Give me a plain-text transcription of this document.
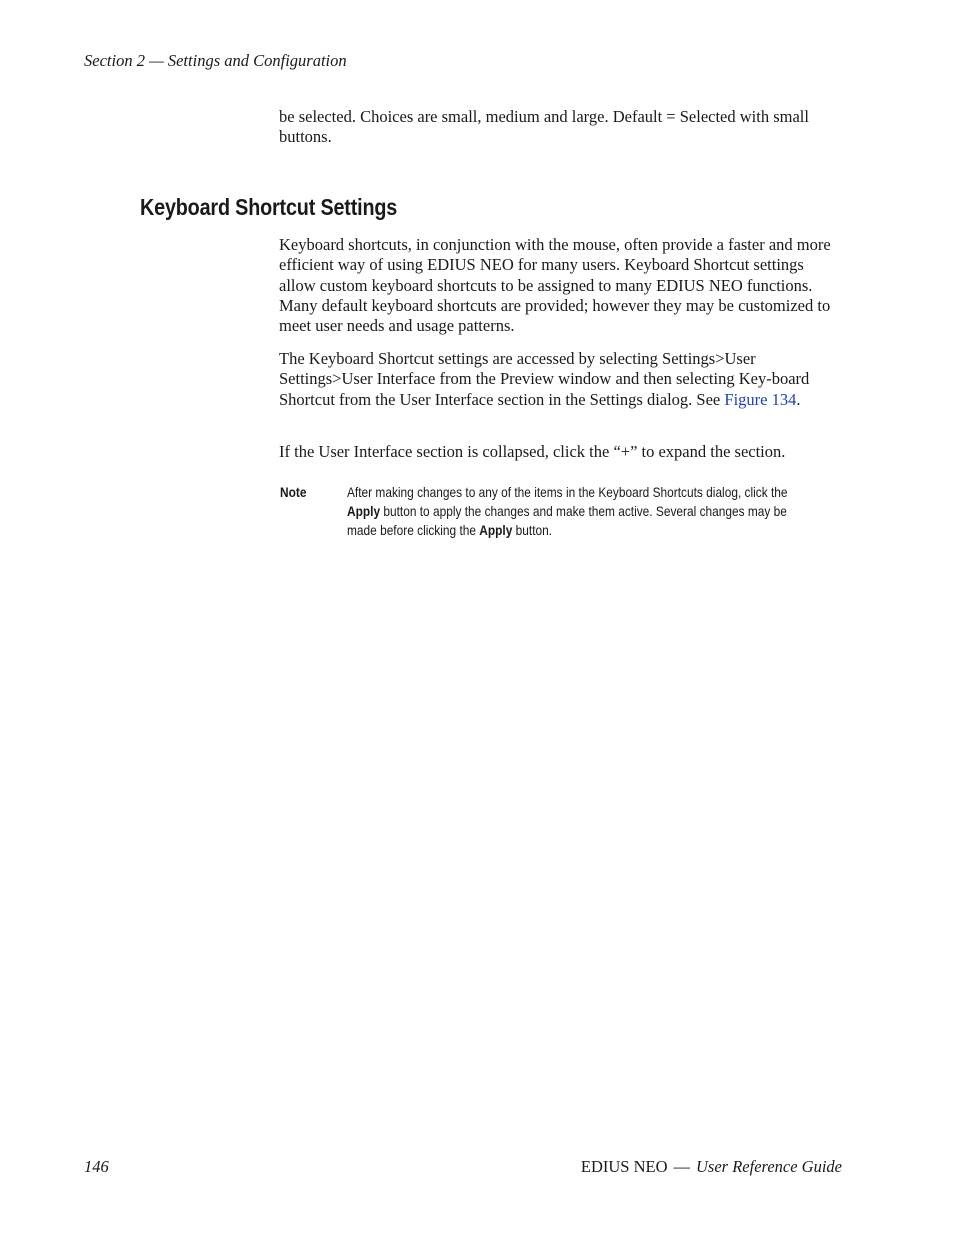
Section 2 — Settings and Configuration

be selected. Choices are small, medium and large. Default = Selected with small buttons.

Keyboard Shortcut Settings

Keyboard shortcuts, in conjunction with the mouse, often provide a faster and more efficient way of using EDIUS NEO for many users. Keyboard Shortcut settings allow custom keyboard shortcuts to be assigned to many EDIUS NEO functions. Many default keyboard shortcuts are provided; however they may be customized to meet user needs and usage patterns.

The Keyboard Shortcut settings are accessed by selecting Settings>User Settings>User Interface from the Preview window and then selecting Key-board Shortcut from the User Interface section in the Settings dialog. See Figure 134.

If the User Interface section is collapsed, click the “+” to expand the section.

Note	After making changes to any of the items in the Keyboard Shortcuts dialog, click the Apply button to apply the changes and make them active. Several changes may be made before clicking the Apply button.

146	EDIUS NEO — User Reference Guide
